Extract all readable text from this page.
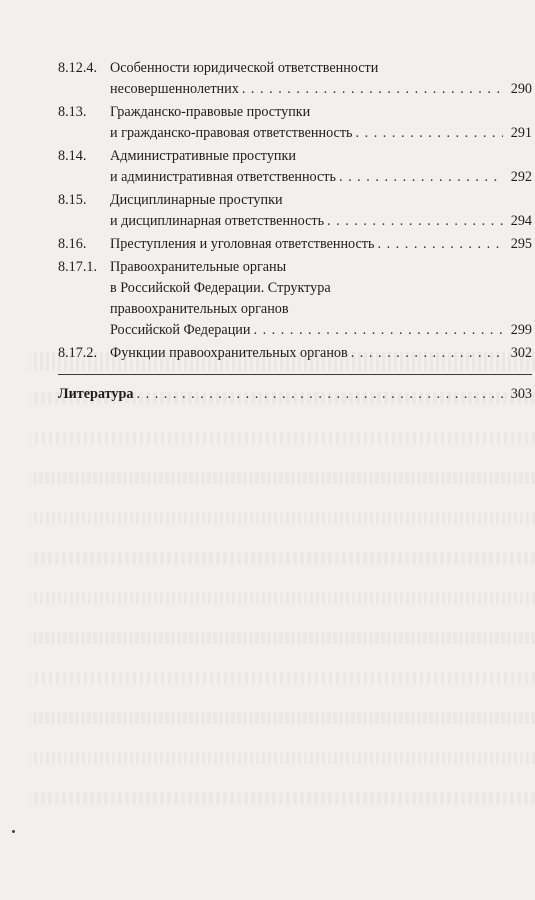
8.12.4. Особенности юридической ответственности
несовершеннолетних . . .	290
8.13. Гражданско-правовые проступки
и гражданско-правовая ответственность . . .	291
8.14. Административные проступки
и административная ответственность . . .	292
8.15. Дисциплинарные проступки
и дисциплинарная ответственность . . .	294
8.16. Преступления и уголовная ответственность . . .	295
8.17.1. Правоохранительные органы
в Российской Федерации. Структура
правоохранительных органов
Российской Федерации . . .	299
8.17.2. Функции правоохранительных органов . . .	302
Литература . . .	303
